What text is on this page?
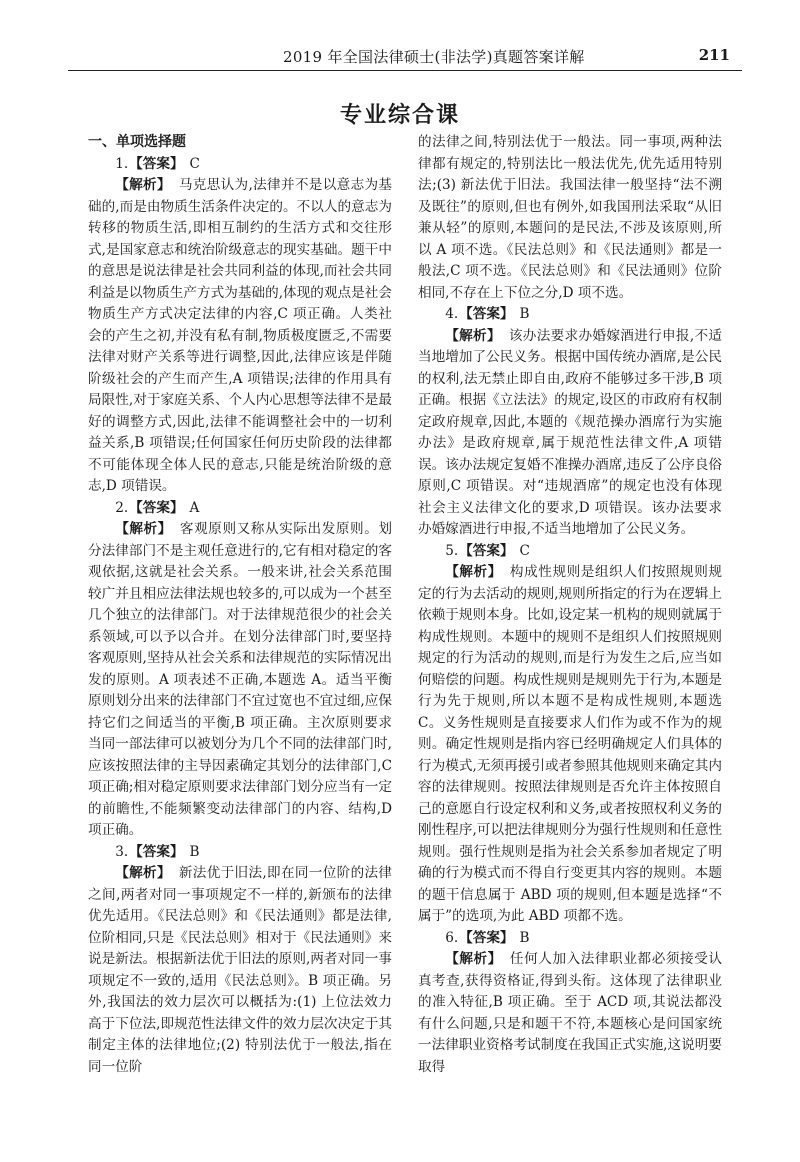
2019 年全国法律硕士(非法学)真题答案详解	211
专业综合课
一、单项选择题
1.【答案】 C

【解析】 马克思认为,法律并不是以意志为基础的,而是由物质生活条件决定的。不以人的意志为转移的物质生活,即相互制约的生活方式和交往形式,是国家意志和统治阶级意志的现实基础。题干中的意思是说法律是社会共同利益的体现,而社会共同利益是以物质生产方式为基础的,体现的观点是社会物质生产方式决定法律的内容,C 项正确。人类社会的产生之初,并没有私有制,物质极度匮乏,不需要法律对财产关系等进行调整,因此,法律应该是伴随阶级社会的产生而产生,A 项错误;法律的作用具有局限性,对于家庭关系、个人内心思想等法律不是最好的调整方式,因此,法律不能调整社会中的一切利益关系,B 项错误;任何国家任何历史阶段的法律都不可能体现全体人民的意志,只能是统治阶级的意志,D 项错误。

2.【答案】 A

【解析】 客观原则又称从实际出发原则。划分法律部门不是主观任意进行的,它有相对稳定的客观依据,这就是社会关系。一般来讲,社会关系范围较广并且相应法律法规也较多的,可以成为一个甚至几个独立的法律部门。对于法律规范很少的社会关系领域,可以予以合并。在划分法律部门时,要坚持客观原则,坚持从社会关系和法律规范的实际情况出发的原则。A 项表述不正确,本题选 A。适当平衡原则划分出来的法律部门不宜过宽也不宜过细,应保持它们之间适当的平衡,B 项正确。主次原则要求当同一部法律可以被划分为几个不同的法律部门时,应该按照法律的主导因素确定其划分的法律部门,C 项正确;相对稳定原则要求法律部门划分应当有一定的前瞻性,不能频繁变动法律部门的内容、结构,D 项正确。

3.【答案】 B

【解析】 新法优于旧法,即在同一位阶的法律之间,两者对同一事项规定不一样的,新颁布的法律优先适用。《民法总则》和《民法通则》都是法律,位阶相同,只是《民法总则》相对于《民法通则》来说是新法。根据新法优于旧法的原则,两者对同一事项规定不一致的,适用《民法总则》。B 项正确。另外,我国法的效力层次可以概括为:(1) 上位法效力高于下位法,即规范性法律文件的效力层次决定于其制定主体的法律地位;(2) 特别法优于一般法,指在同一位阶

的法律之间,特别法优于一般法。同一事项,两种法律都有规定的,特别法比一般法优先,优先适用特别法;(3) 新法优于旧法。我国法律一般坚持“法不溯及既往”的原则,但也有例外,如我国刑法采取“从旧兼从轻”的原则,本题问的是民法,不涉及该原则,所以 A 项不选。《民法总则》和《民法通则》都是一般法,C 项不选。《民法总则》和《民法通则》位阶相同,不存在上下位之分,D 项不选。

4.【答案】 B

【解析】 该办法要求办婚嫁酒进行申报,不适当地增加了公民义务。根据中国传统办酒席,是公民的权利,法无禁止即自由,政府不能够过多干涉,B 项正确。根据《立法法》的规定,设区的市政府有权制定政府规章,因此,本题的《规范操办酒席行为实施办法》是政府规章,属于规范性法律文件,A 项错误。该办法规定复婚不准操办酒席,违反了公序良俗原则,C 项错误。对“违规酒席”的规定也没有体现社会主义法律文化的要求,D 项错误。该办法要求办婚嫁酒进行申报,不适当地增加了公民义务。

5.【答案】 C

【解析】 构成性规则是组织人们按照规则规定的行为去活动的规则,规则所指定的行为在逻辑上依赖于规则本身。比如,设定某一机构的规则就属于构成性规则。本题中的规则不是组织人们按照规则规定的行为活动的规则,而是行为发生之后,应当如何赔偿的问题。构成性规则是规则先于行为,本题是行为先于规则,所以本题不是构成性规则,本题选 C。义务性规则是直接要求人们作为或不作为的规则。确定性规则是指内容已经明确规定人们具体的行为模式,无须再援引或者参照其他规则来确定其内容的法律规则。按照法律规则是否允许主体按照自己的意愿自行设定权利和义务,或者按照权利义务的刚性程序,可以把法律规则分为强行性规则和任意性规则。强行性规则是指为社会关系参加者规定了明确的行为模式而不得自行变更其内容的规则。本题的题干信息属于 ABD 项的规则,但本题是选择“不属于”的选项,为此 ABD 项都不选。

6.【答案】 B

【解析】 任何人加入法律职业都必须接受认真考查,获得资格证,得到头衔。这体现了法律职业的准入特征,B 项正确。至于 ACD 项,其说法都没有什么问题,只是和题干不符,本题核心是问国家统一法律职业资格考试制度在我国正式实施,这说明要取得
